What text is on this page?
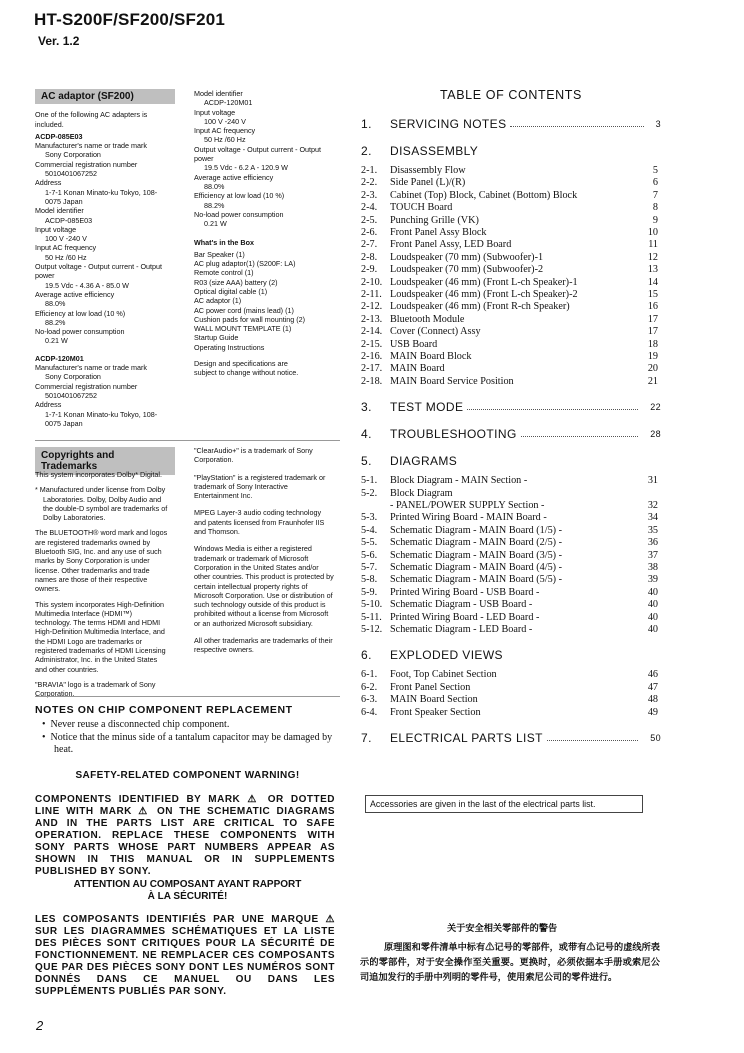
HT-S200F/SF200/SF201
Ver. 1.2
AC adaptor (SF200)
One of the following AC adapters is included.
ACDP-085E03
Manufacturer's name or trade mark
Sony Corporation
Commercial registration number
5010401067252
Address
1-7-1 Konan Minato-ku Tokyo, 108-
0075 Japan
Model identifier
ACDP-085E03
Input voltage
100 V -240 V
Input AC frequency
50 Hz /60 Hz
Output voltage - Output current - Output power
19.5 Vdc - 4.36 A - 85.0 W
Average active efficiency
88.0%
Efficiency at low load (10 %)
88.2%
No-load power consumption
0.21 W
ACDP-120M01
Manufacturer's name or trade mark
Sony Corporation
Commercial registration number
5010401067252
Address
1-7-1 Konan Minato-ku Tokyo, 108-
0075 Japan
Model identifier
ACDP-120M01
Input voltage
100 V -240 V
Input AC frequency
50 Hz /60 Hz
Output voltage - Output current - Output power
19.5 Vdc - 6.2 A - 120.9 W
Average active efficiency
88.0%
Efficiency at low load (10 %)
88.2%
No-load power consumption
0.21 W
What's in the Box
Bar Speaker (1)
AC plug adaptor(1) (S200F: LA)
Remote control (1)
R03 (size AAA) battery (2)
Optical digital cable (1)
AC adaptor (1)
AC power cord (mains lead) (1)
Cushion pads for wall mounting (2)
WALL MOUNT TEMPLATE (1)
Startup Guide
Operating Instructions
Design and specifications are subject to change without notice.
Copyrights and Trademarks
This system incorporates Dolby* Digital.
* Manufactured under license from Dolby Laboratories. Dolby, Dolby Audio and the double-D symbol are trademarks of Dolby Laboratories.
The BLUETOOTH® word mark and logos are registered trademarks owned by Bluetooth SIG, Inc. and any use of such marks by Sony Corporation is under license. Other trademarks and trade names are those of their respective owners.
This system incorporates High-Definition Multimedia Interface (HDMI™) technology. The terms HDMI and HDMI High-Definition Multimedia Interface, and the HDMI Logo are trademarks or registered trademarks of HDMI Licensing Administrator, Inc. in the United States and other countries.
"BRAVIA" logo is a trademark of Sony Corporation.
"ClearAudio+" is a trademark of Sony Corporation.
"PlayStation" is a registered trademark or trademark of Sony Interactive Entertainment Inc.
MPEG Layer-3 audio coding technology and patents licensed from Fraunhofer IIS and Thomson.
Windows Media is either a registered trademark or trademark of Microsoft Corporation in the United States and/or other countries. This product is protected by certain intellectual property rights of Microsoft Corporation. Use or distribution of such technology outside of this product is prohibited without a license from Microsoft or an authorized Microsoft subsidiary.
All other trademarks are trademarks of their respective owners.
NOTES ON CHIP COMPONENT REPLACEMENT
•  Never reuse a disconnected chip component.
•  Notice that the minus side of a tantalum capacitor may be damaged by heat.
SAFETY-RELATED COMPONENT WARNING!
COMPONENTS IDENTIFIED BY MARK ⚠ OR DOTTED LINE WITH MARK ⚠ ON THE SCHEMATIC DIAGRAMS AND IN THE PARTS LIST ARE CRITICAL TO SAFE OPERATION. REPLACE THESE COMPONENTS WITH SONY PARTS WHOSE PART NUMBERS APPEAR AS SHOWN IN THIS MANUAL OR IN SUPPLEMENTS PUBLISHED BY SONY.
ATTENTION AU COMPOSANT AYANT RAPPORT
À LA SÉCURITÉ!
LES COMPOSANTS IDENTIFIÉS PAR UNE MARQUE ⚠ SUR LES DIAGRAMMES SCHÉMATIQUES ET LA LISTE DES PIÈCES SONT CRITIQUES POUR LA SÉCURITÉ DE FONCTIONNEMENT. NE REMPLACER CES COMPOSANTS QUE PAR DES PIÈCES SONY DONT LES NUMÉROS SONT DONNÉS DANS CE MANUEL OU DANS LES SUPPLÉMENTS PUBLIÉS PAR SONY.
TABLE OF CONTENTS
1. SERVICING NOTES	3
2. DISASSEMBLY
2-1. Disassembly Flow	5
2-2. Side Panel (L)/(R)	6
2-3. Cabinet (Top) Block, Cabinet (Bottom) Block	7
2-4. TOUCH Board	8
2-5. Punching Grille (VK)	9
2-6. Front Panel Assy Block	10
2-7. Front Panel Assy, LED Board	11
2-8. Loudspeaker (70 mm) (Subwoofer)-1	12
2-9. Loudspeaker (70 mm) (Subwoofer)-2	13
2-10. Loudspeaker (46 mm) (Front L-ch Speaker)-1	14
2-11. Loudspeaker (46 mm) (Front L-ch Speaker)-2	15
2-12. Loudspeaker (46 mm) (Front R-ch Speaker)	16
2-13. Bluetooth Module	17
2-14. Cover (Connect) Assy	17
2-15. USB Board	18
2-16. MAIN Board Block	19
2-17. MAIN Board	20
2-18. MAIN Board Service Position	21
3. TEST MODE	22
4. TROUBLESHOOTING	28
5. DIAGRAMS
5-1. Block Diagram - MAIN Section -	31
5-2. Block Diagram
- PANEL/POWER SUPPLY Section -	32
5-3. Printed Wiring Board - MAIN Board -	34
5-4. Schematic Diagram - MAIN Board (1/5) -	35
5-5. Schematic Diagram - MAIN Board (2/5) -	36
5-6. Schematic Diagram - MAIN Board (3/5) -	37
5-7. Schematic Diagram - MAIN Board (4/5) -	38
5-8. Schematic Diagram - MAIN Board (5/5) -	39
5-9. Printed Wiring Board - USB Board -	40
5-10. Schematic Diagram - USB Board -	40
5-11. Printed Wiring Board - LED Board -	40
5-12. Schematic Diagram - LED Board -	40
6. EXPLODED VIEWS
6-1. Foot, Top Cabinet Section	46
6-2. Front Panel Section	47
6-3. MAIN Board Section	48
6-4. Front Speaker Section	49
7. ELECTRICAL PARTS LIST	50
Accessories are given in the last of the electrical parts list.
关于安全相关零部件的警告
原理图和零件清单中标有⚠记号的零部件，或带有⚠记号的虚线所表示的零部件，对于安全操作至关重要。更换时，必须依据本手册或索尼公司追加发行的手册中列明的零件号，使用索尼公司的零件进行。
2
